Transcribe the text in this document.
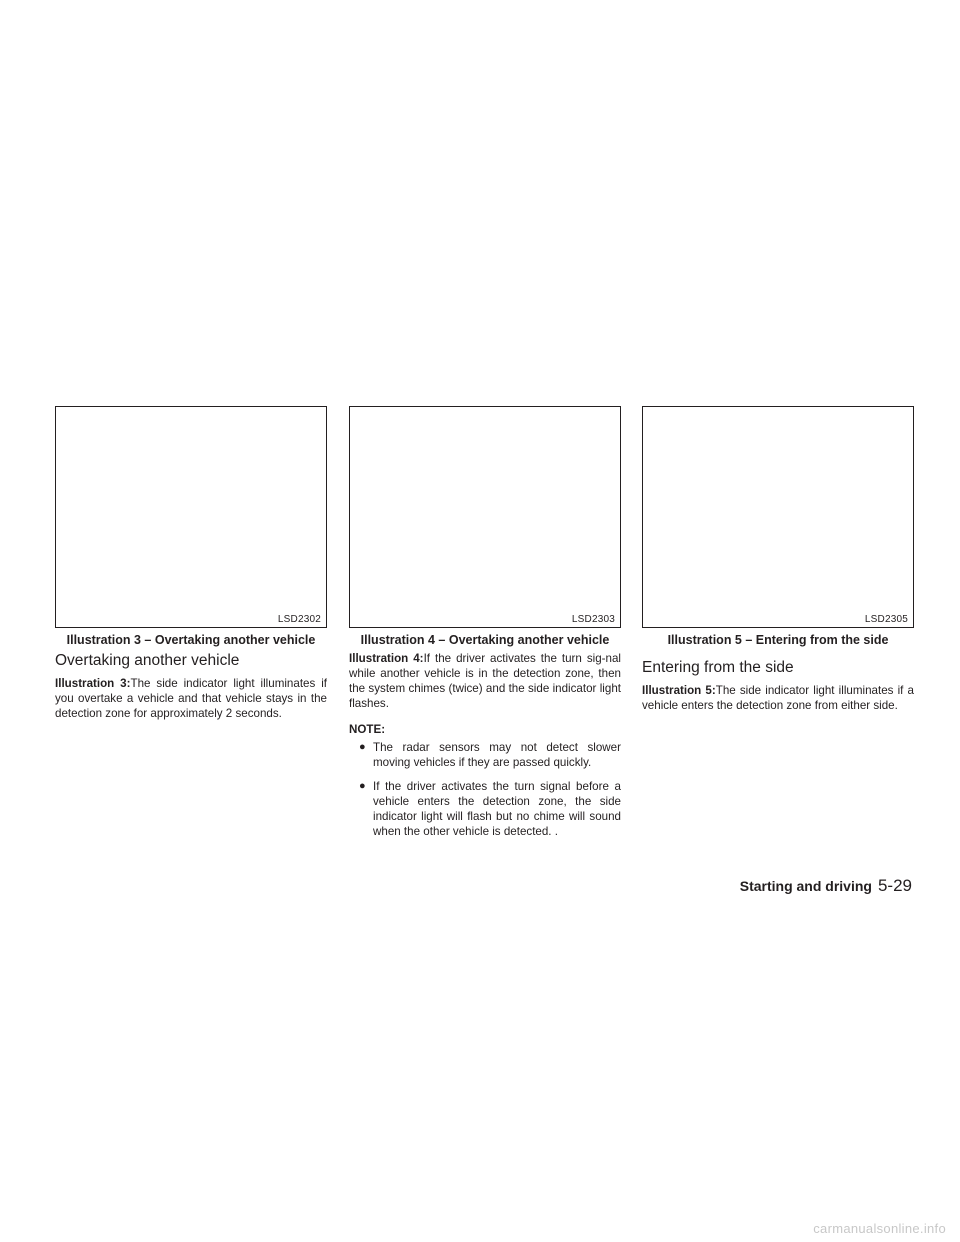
LSD2302
Illustration 3 – Overtaking another vehicle
Overtaking another vehicle

Illustration 3:The side indicator light illuminates if you overtake a vehicle and that vehicle stays in the detection zone for approximately 2 seconds.

LSD2303
Illustration 4 – Overtaking another vehicle

Illustration 4:If the driver activates the turn sig-nal while another vehicle is in the detection zone, then the system chimes (twice) and the side indicator light flashes.

NOTE:
● The radar sensors may not detect slower moving vehicles if they are passed quickly.
● If the driver activates the turn signal before a vehicle enters the detection zone, the side indicator light will flash but no chime will sound when the other vehicle is detected. .
LSD2305
Illustration 5 – Entering from the side
Entering from the side

Illustration 5:The side indicator light illuminates if a vehicle enters the detection zone from either side.

Starting and driving 5-29
carmanualsonline.info
